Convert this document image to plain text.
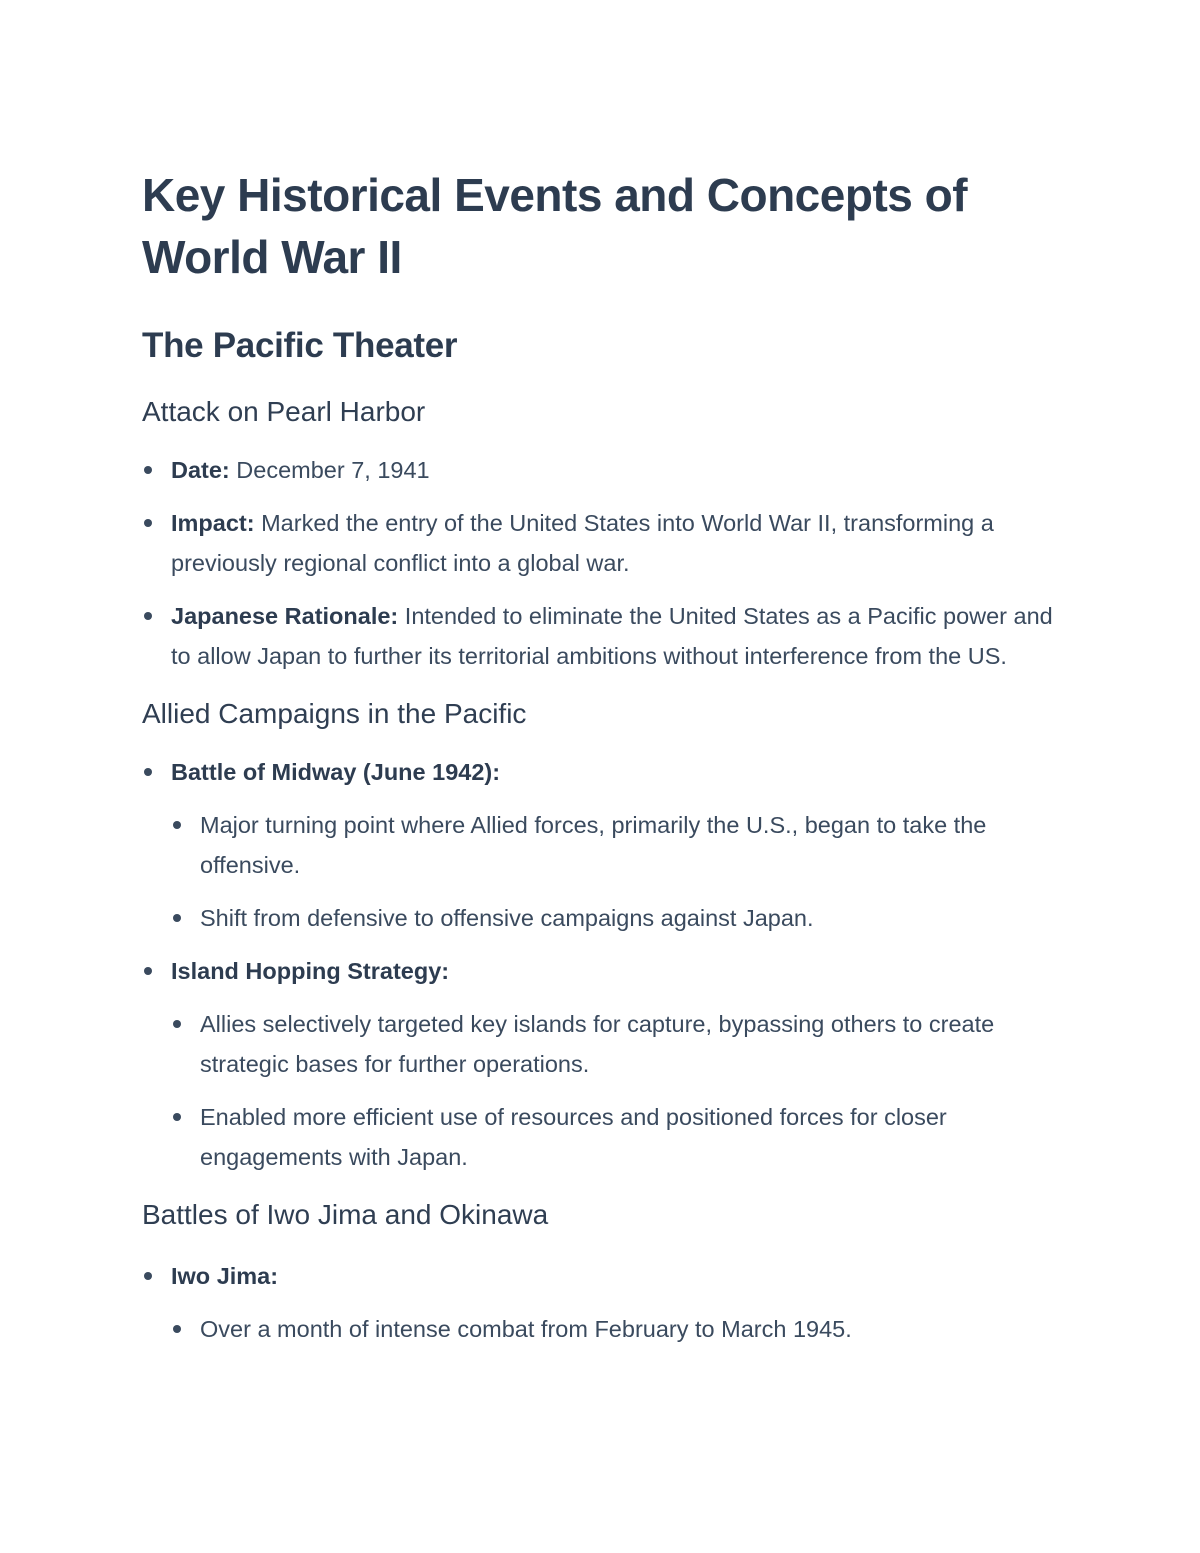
Key Historical Events and Concepts of World War II
The Pacific Theater
Attack on Pearl Harbor
Date: December 7, 1941
Impact: Marked the entry of the United States into World War II, transforming a previously regional conflict into a global war.
Japanese Rationale: Intended to eliminate the United States as a Pacific power and to allow Japan to further its territorial ambitions without interference from the US.
Allied Campaigns in the Pacific
Battle of Midway (June 1942):
Major turning point where Allied forces, primarily the U.S., began to take the offensive.
Shift from defensive to offensive campaigns against Japan.
Island Hopping Strategy:
Allies selectively targeted key islands for capture, bypassing others to create strategic bases for further operations.
Enabled more efficient use of resources and positioned forces for closer engagements with Japan.
Battles of Iwo Jima and Okinawa
Iwo Jima:
Over a month of intense combat from February to March 1945.
